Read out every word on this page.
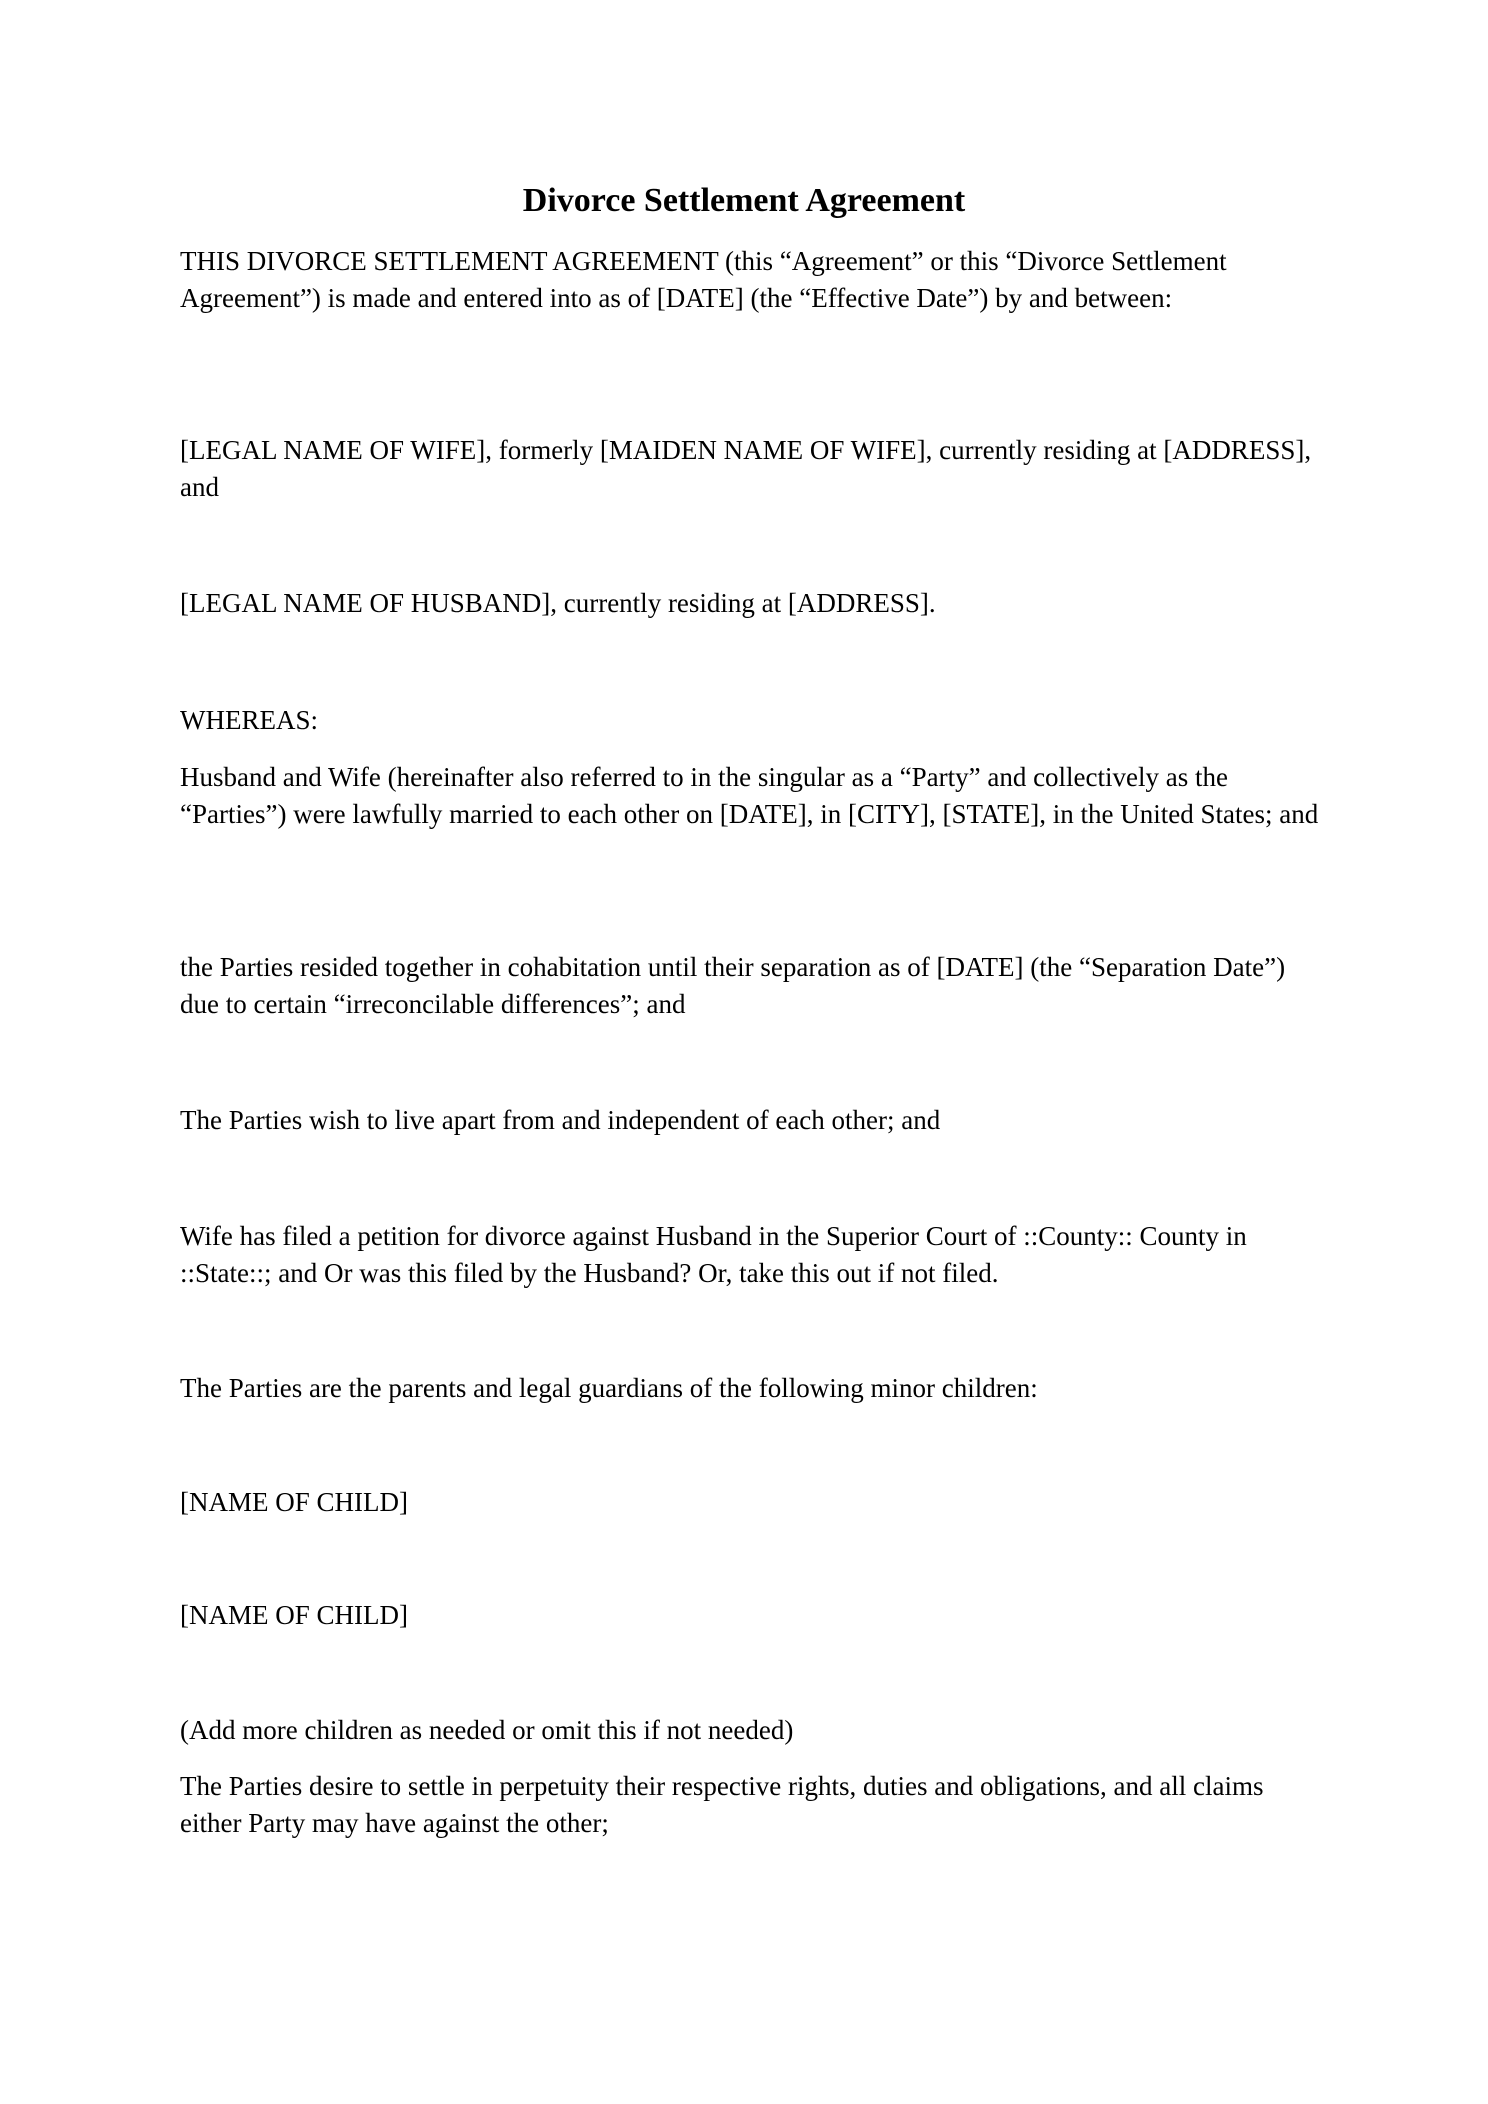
Divorce Settlement Agreement

THIS DIVORCE SETTLEMENT AGREEMENT (this “Agreement” or this “Divorce Settlement Agreement”) is made and entered into as of [DATE] (the “Effective Date”) by and between:

[LEGAL NAME OF WIFE], formerly [MAIDEN NAME OF WIFE], currently residing at [ADDRESS], and

[LEGAL NAME OF HUSBAND], currently residing at [ADDRESS].

WHEREAS:

Husband and Wife (hereinafter also referred to in the singular as a “Party” and collectively as the “Parties”) were lawfully married to each other on [DATE], in [CITY], [STATE], in the United States; and

the Parties resided together in cohabitation until their separation as of [DATE] (the “Separation Date”) due to certain “irreconcilable differences”; and

The Parties wish to live apart from and independent of each other; and

Wife has filed a petition for divorce against Husband in the Superior Court of ::County:: County in ::State::; and Or was this filed by the Husband? Or, take this out if not filed.

The Parties are the parents and legal guardians of the following minor children:

[NAME OF CHILD]

[NAME OF CHILD]

(Add more children as needed or omit this if not needed)

The Parties desire to settle in perpetuity their respective rights, duties and obligations, and all claims either Party may have against the other;
